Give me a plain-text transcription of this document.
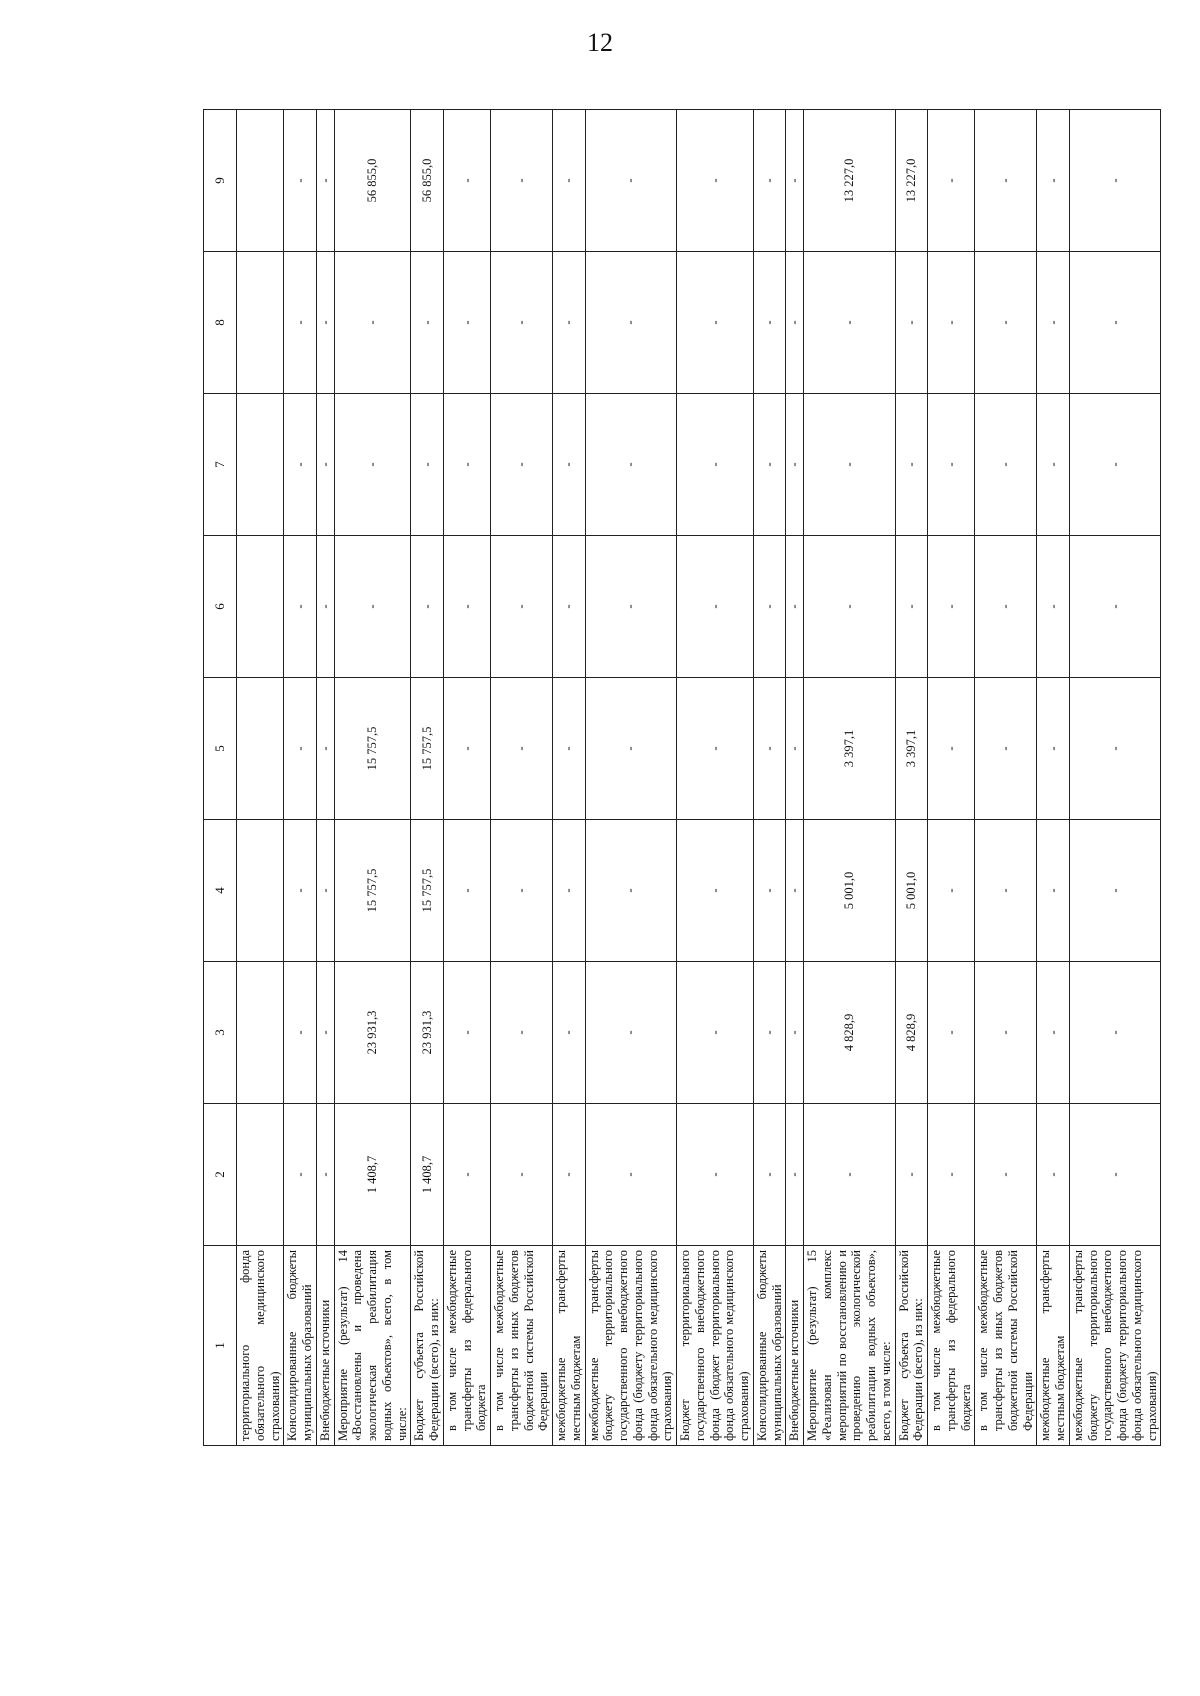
12
1	2	3	4	5	6	7	8	9
территориального фонда обязательного медицинского страхования)								
Консолидированные бюджеты муниципальных образований	-	-	-	-	-	-	-	-
Внебюджетные источники	-	-	-	-	-	-	-	-
Мероприятие (результат) 14 «Восстановлены и проведена экологическая реабилитация водных объектов», всего, в том числе:	1 408,7	23 931,3	15 757,5	15 757,5	-	-	-	56 855,0
Бюджет субъекта Российской Федерации (всего), из них:	1 408,7	23 931,3	15 757,5	15 757,5	-	-	-	56 855,0
в том числе межбюджетные трансферты из федерального бюджета	-	-	-	-	-	-	-	-
в том числе межбюджетные трансферты из иных бюджетов бюджетной системы Российской Федерации	-	-	-	-	-	-	-	-
межбюджетные трансферты местным бюджетам	-	-	-	-	-	-	-	-
межбюджетные трансферты бюджету территориального государственного внебюджетного фонда (бюджету территориального фонда обязательного медицинского страхования)	-	-	-	-	-	-	-	-
Бюджет территориального государственного внебюджетного фонда (бюджет территориального фонда обязательного медицинского страхования)	-	-	-	-	-	-	-	-
Консолидированные бюджеты муниципальных образований	-	-	-	-	-	-	-	-
Внебюджетные источники	-	-	-	-	-	-	-	-
Мероприятие (результат) 15 «Реализован комплекс мероприятий по восстановлению и проведению экологической реабилитации водных объектов», всего, в том числе:	-	4 828,9	5 001,0	3 397,1	-	-	-	13 227,0
Бюджет субъекта Российской Федерации (всего), из них:	-	4 828,9	5 001,0	3 397,1	-	-	-	13 227,0
в том числе межбюджетные трансферты из федерального бюджета	-	-	-	-	-	-	-	-
в том числе межбюджетные трансферты из иных бюджетов бюджетной системы Российской Федерации	-	-	-	-	-	-	-	-
межбюджетные трансферты местным бюджетам	-	-	-	-	-	-	-	-
межбюджетные трансферты бюджету территориального государственного внебюджетного фонда (бюджету территориального фонда обязательного медицинского страхования)	-	-	-	-	-	-	-	-
